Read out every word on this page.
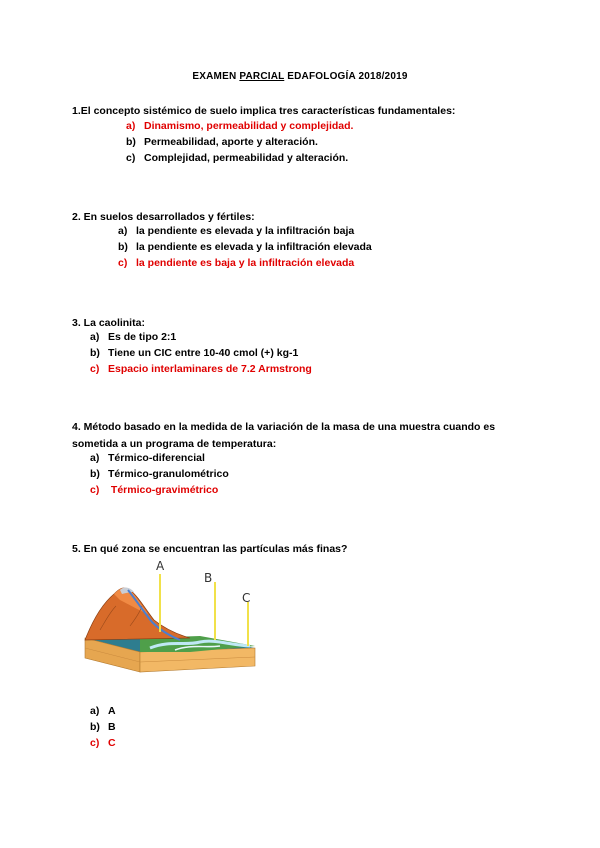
EXAMEN PARCIAL EDAFOLOGÍA 2018/2019

1.El concepto sistémico de suelo implica tres características fundamentales:

a) Dinamismo, permeabilidad y complejidad.
b) Permeabilidad, aporte y alteración.
c) Complejidad, permeabilidad y alteración.

2. En suelos desarrollados y fértiles:

a) la pendiente es elevada y la infiltración baja
b) la pendiente es elevada y la infiltración elevada
c) la pendiente es baja y la infiltración elevada

3. La caolinita:

a) Es de tipo 2:1
b) Tiene un CIC entre 10-40 cmol (+) kg-1
c) Espacio interlaminares de 7.2 Armstrong

4. Método basado en la medida de la variación de la masa de una muestra cuando es sometida a un programa de temperatura:

a) Térmico-diferencial
b) Térmico-granulométrico
c) Térmico-gravimétrico

5. En qué zona se encuentran las partículas más finas?

A
B
C
a) A
b) B
c) C
